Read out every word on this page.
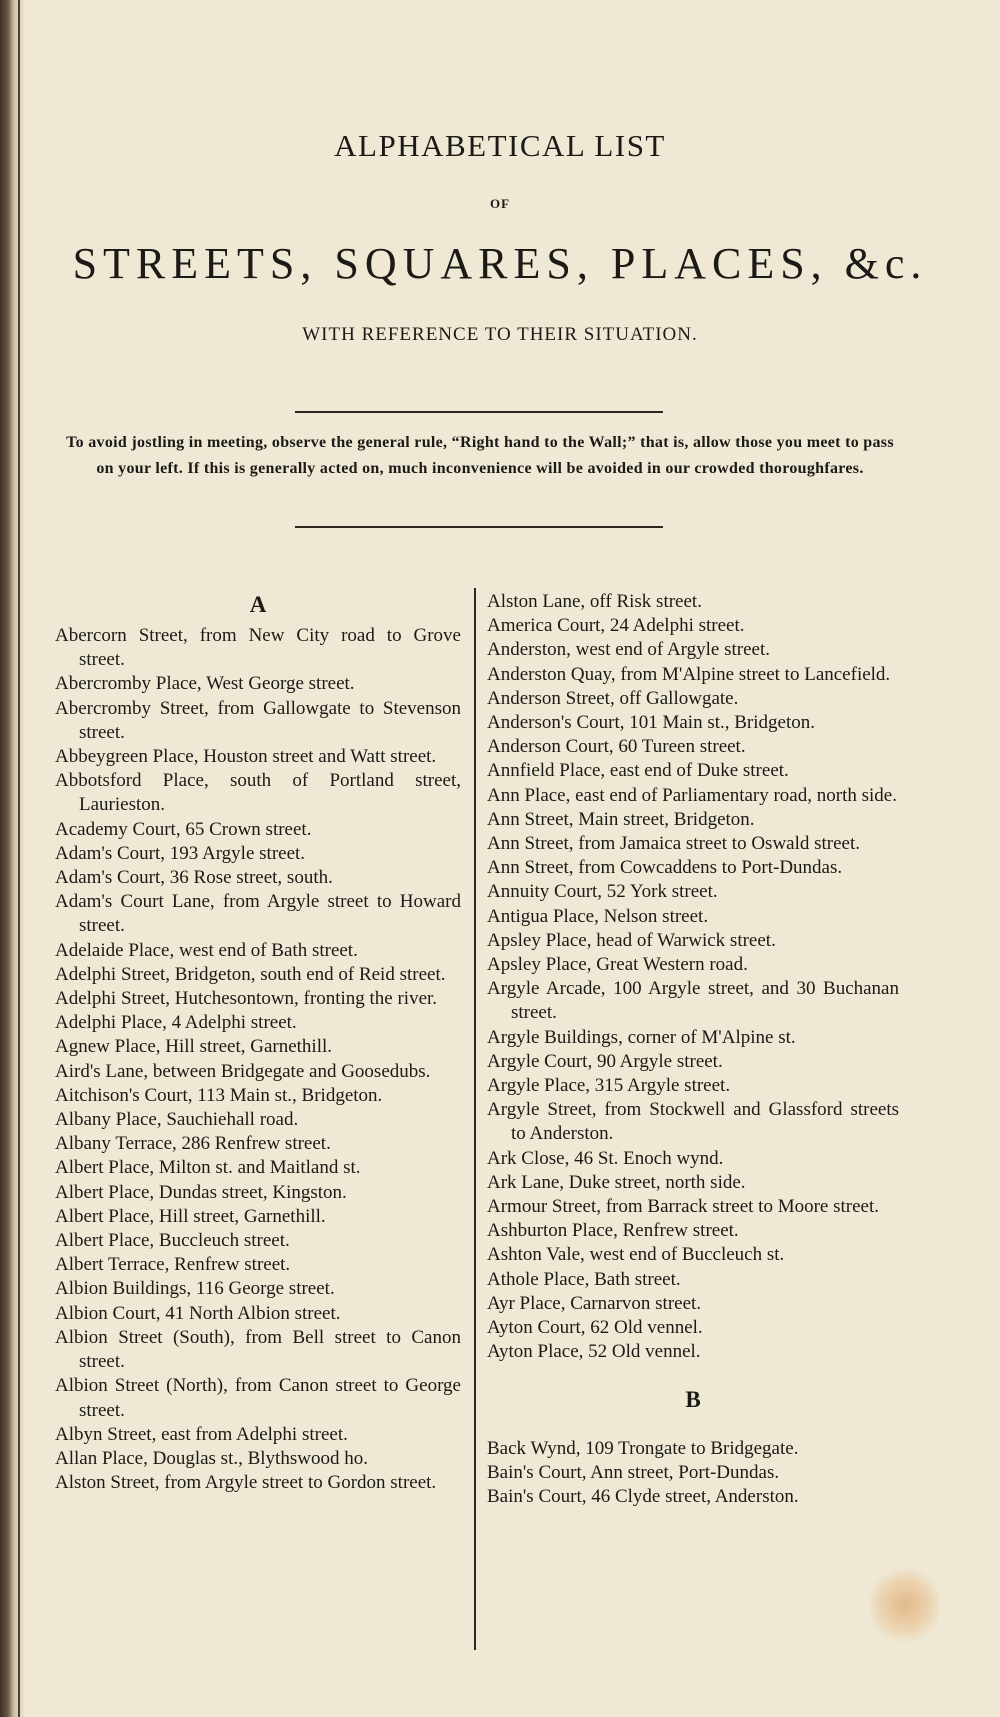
ALPHABETICAL LIST
OF
STREETS, SQUARES, PLACES, &c.
WITH REFERENCE TO THEIR SITUATION.
To avoid jostling in meeting, observe the general rule, “Right hand to the Wall;” that is, allow those you meet to pass on your left. If this is generally acted on, much inconvenience will be avoided in our crowded thoroughfares.
A
Abercorn Street, from New City road to Grove street.
Abercromby Place, West George street.
Abercromby Street, from Gallowgate to Stevenson street.
Abbeygreen Place, Houston street and Watt street.
Abbotsford Place, south of Portland street, Laurieston.
Academy Court, 65 Crown street.
Adam's Court, 193 Argyle street.
Adam's Court, 36 Rose street, south.
Adam's Court Lane, from Argyle street to Howard street.
Adelaide Place, west end of Bath street.
Adelphi Street, Bridgeton, south end of Reid street.
Adelphi Street, Hutchesontown, fronting the river.
Adelphi Place, 4 Adelphi street.
Agnew Place, Hill street, Garnethill.
Aird's Lane, between Bridgegate and Goosedubs.
Aitchison's Court, 113 Main st., Bridgeton.
Albany Place, Sauchiehall road.
Albany Terrace, 286 Renfrew street.
Albert Place, Milton st. and Maitland st.
Albert Place, Dundas street, Kingston.
Albert Place, Hill street, Garnethill.
Albert Place, Buccleuch street.
Albert Terrace, Renfrew street.
Albion Buildings, 116 George street.
Albion Court, 41 North Albion street.
Albion Street (South), from Bell street to Canon street.
Albion Street (North), from Canon street to George street.
Albyn Street, east from Adelphi street.
Allan Place, Douglas st., Blythswood ho.
Alston Street, from Argyle street to Gordon street.
Alston Lane, off Risk street.
America Court, 24 Adelphi street.
Anderston, west end of Argyle street.
Anderston Quay, from M'Alpine street to Lancefield.
Anderson Street, off Gallowgate.
Anderson's Court, 101 Main st., Bridgeton.
Anderson Court, 60 Tureen street.
Annfield Place, east end of Duke street.
Ann Place, east end of Parliamentary road, north side.
Ann Street, Main street, Bridgeton.
Ann Street, from Jamaica street to Oswald street.
Ann Street, from Cowcaddens to Port-Dundas.
Annuity Court, 52 York street.
Antigua Place, Nelson street.
Apsley Place, head of Warwick street.
Apsley Place, Great Western road.
Argyle Arcade, 100 Argyle street, and 30 Buchanan street.
Argyle Buildings, corner of M'Alpine st.
Argyle Court, 90 Argyle street.
Argyle Place, 315 Argyle street.
Argyle Street, from Stockwell and Glassford streets to Anderston.
Ark Close, 46 St. Enoch wynd.
Ark Lane, Duke street, north side.
Armour Street, from Barrack street to Moore street.
Ashburton Place, Renfrew street.
Ashton Vale, west end of Buccleuch st.
Athole Place, Bath street.
Ayr Place, Carnarvon street.
Ayton Court, 62 Old vennel.
Ayton Place, 52 Old vennel.
B
Back Wynd, 109 Trongate to Bridgegate.
Bain's Court, Ann street, Port-Dundas.
Bain's Court, 46 Clyde street, Anderston.
